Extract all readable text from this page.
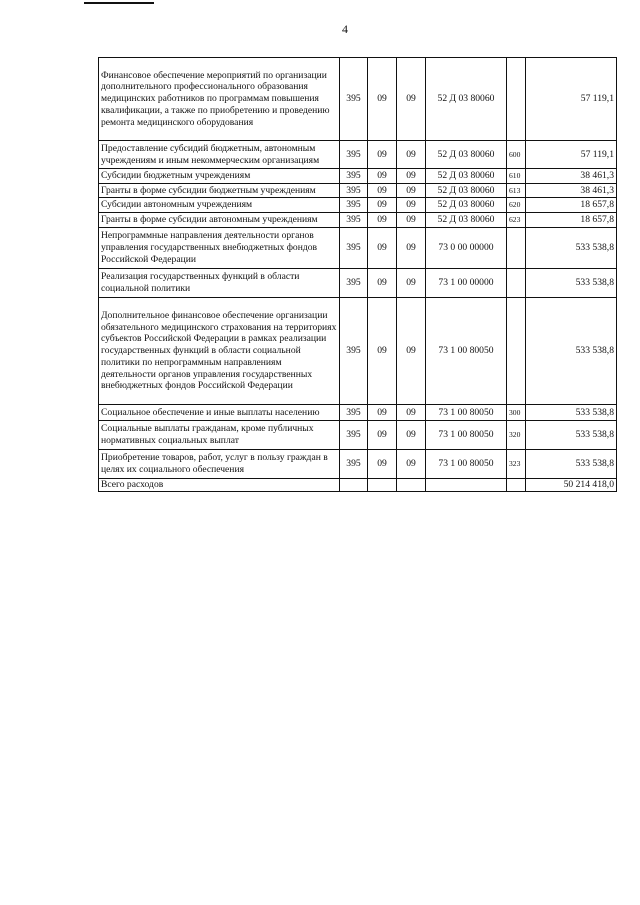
4
Финансовое обеспечение мероприятий по организации дополнительного профессионального образования медицинских работников по программам повышения квалификации, а также по приобретению и проведению ремонта медицинского оборудования	395	09	09	52 Д 03 80060		57 119,1
Предоставление субсидий бюджетным, автономным учреждениям и иным некоммерческим организациям	395	09	09	52 Д 03 80060	600	57 119,1
Субсидии бюджетным учреждениям	395	09	09	52 Д 03 80060	610	38 461,3
Гранты в форме субсидии бюджетным учреждениям	395	09	09	52 Д 03 80060	613	38 461,3
Субсидии автономным учреждениям	395	09	09	52 Д 03 80060	620	18 657,8
Гранты в форме субсидии автономным учреждениям	395	09	09	52 Д 03 80060	623	18 657,8
Непрограммные направления деятельности органов управления государственных внебюджетных фондов Российской Федерации	395	09	09	73 0 00 00000		533 538,8
Реализация государственных функций в области социальной политики	395	09	09	73 1 00 00000		533 538,8
Дополнительное финансовое обеспечение организации обязательного медицинского страхования на территориях субъектов Российской Федерации в рамках реализации государственных функций в области социальной политики по непрограммным направлениям деятельности органов управления государственных внебюджетных фондов Российской Федерации	395	09	09	73 1 00 80050		533 538,8
Социальное обеспечение и иные выплаты населению	395	09	09	73 1 00 80050	300	533 538,8
Социальные выплаты гражданам, кроме публичных нормативных социальных выплат	395	09	09	73 1 00 80050	320	533 538,8
Приобретение товаров, работ, услуг в пользу граждан в целях их социального обеспечения	395	09	09	73 1 00 80050	323	533 538,8
Всего расходов						50 214 418,0
